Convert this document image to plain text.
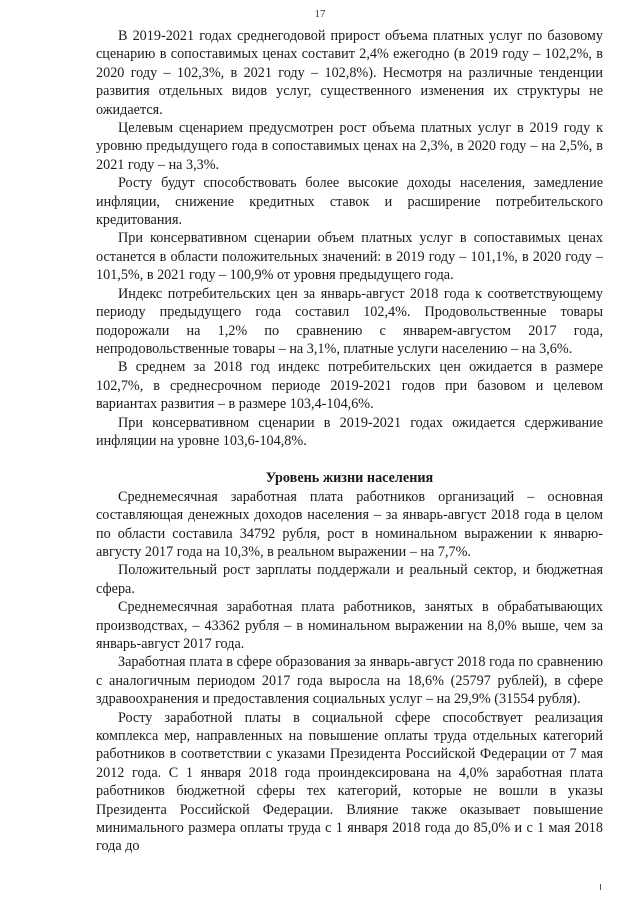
17

В 2019-2021 годах среднегодовой прирост объема платных услуг по базовому сценарию в сопоставимых ценах составит 2,4% ежегодно (в 2019 году – 102,2%, в 2020 году – 102,3%, в 2021 году – 102,8%). Несмотря на различные тенденции развития отдельных видов услуг, существенного изменения их структуры не ожидается.

Целевым сценарием предусмотрен рост объема платных услуг в 2019 году к уровню предыдущего года в сопоставимых ценах на 2,3%, в 2020 году – на 2,5%, в 2021 году – на 3,3%.

Росту будут способствовать более высокие доходы населения, замедление инфляции, снижение кредитных ставок и расширение потребительского кредитования.

При консервативном сценарии объем платных услуг в сопоставимых ценах останется в области положительных значений: в 2019 году – 101,1%, в 2020 году – 101,5%, в 2021 году – 100,9% от уровня предыдущего года.

Индекс потребительских цен за январь-август 2018 года к соответствующему периоду предыдущего года составил 102,4%. Продовольственные товары подорожали на 1,2% по сравнению с январем-августом 2017 года, непродовольственные товары – на 3,1%, платные услуги населению – на 3,6%.

В среднем за 2018 год индекс потребительских цен ожидается в размере 102,7%, в среднесрочном периоде 2019-2021 годов при базовом и целевом вариантах развития – в размере 103,4-104,6%.

При консервативном сценарии в 2019-2021 годах ожидается сдерживание инфляции на уровне 103,6-104,8%.

Уровень жизни населения

Среднемесячная заработная плата работников организаций – основная составляющая денежных доходов населения – за январь-август 2018 года в целом по области составила 34792 рубля, рост в номинальном выражении к январю-августу 2017 года на 10,3%, в реальном выражении – на 7,7%.

Положительный рост зарплаты поддержали и реальный сектор, и бюджетная сфера.

Среднемесячная заработная плата работников, занятых в обрабатывающих производствах, – 43362 рубля – в номинальном выражении на 8,0% выше, чем за январь-август 2017 года.

Заработная плата в сфере образования за январь-август 2018 года по сравнению с аналогичным периодом 2017 года выросла на 18,6% (25797 рублей), в сфере здравоохранения и предоставления социальных услуг – на 29,9% (31554 рубля).

Росту заработной платы в социальной сфере способствует реализация комплекса мер, направленных на повышение оплаты труда отдельных категорий работников в соответствии с указами Президента Российской Федерации от 7 мая 2012 года. С 1 января 2018 года проиндексирована на 4,0% заработная плата работников бюджетной сферы тех категорий, которые не вошли в указы Президента Российской Федерации. Влияние также оказывает повышение минимального размера оплаты труда с 1 января 2018 года до 85,0% и с 1 мая 2018 года до
